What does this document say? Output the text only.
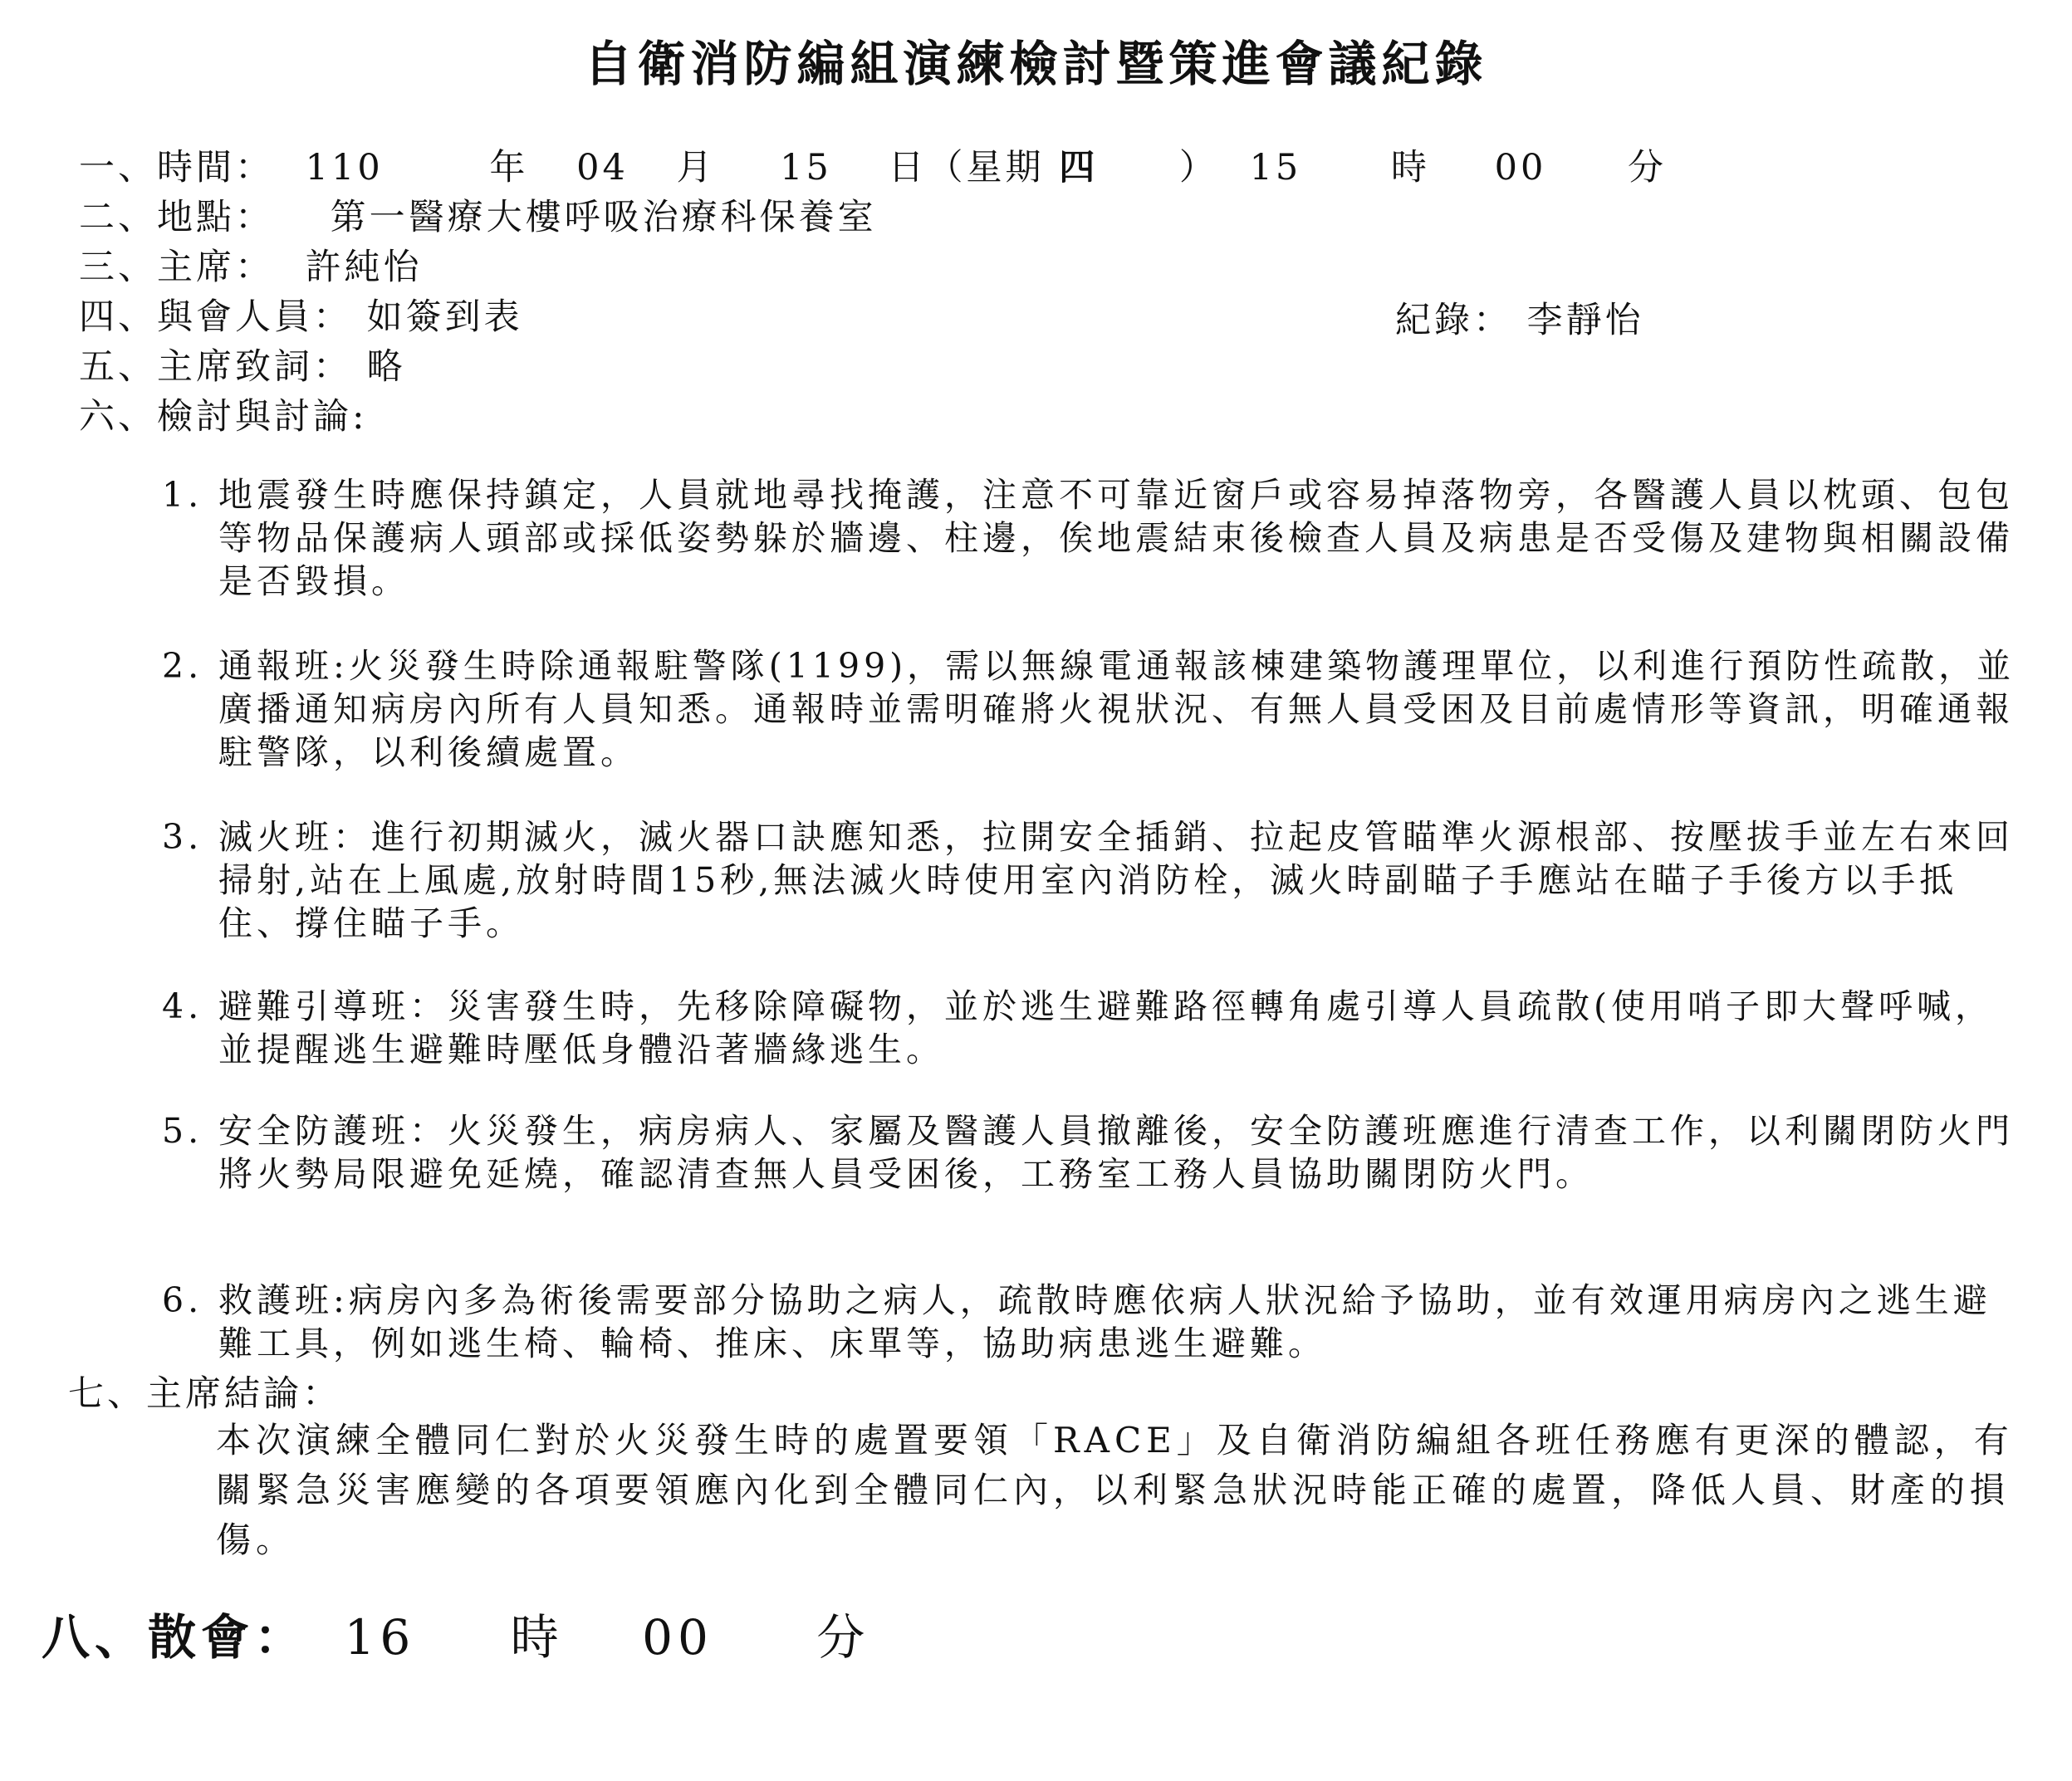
自衛消防編組演練檢討暨策進會議紀錄
一、時間： 110	年 04 月 15 日（星期 四 ） 15	時 00 分
二、地點： 第一醫療大樓呼吸治療科保養室
三、主席： 許純怡
四、與會人員： 如簽到表	紀錄： 李靜怡
五、主席致詞： 略
六、檢討與討論:
1. 地震發生時應保持鎮定，人員就地尋找掩護，注意不可靠近窗戶或容易掉落物旁，各醫護人員以枕頭、包包等物品保護病人頭部或採低姿勢躲於牆邊、柱邊，俟地震結束後檢查人員及病患是否受傷及建物與相關設備是否毀損。
2. 通報班:火災發生時除通報駐警隊(1199)，需以無線電通報該棟建築物護理單位，以利進行預防性疏散，並廣播通知病房內所有人員知悉。通報時並需明確將火視狀況、有無人員受困及目前處情形等資訊，明確通報駐警隊，以利後續處置。
3. 滅火班：進行初期滅火，滅火器口訣應知悉，拉開安全插銷、拉起皮管瞄準火源根部、按壓拔手並左右來回掃射,站在上風處,放射時間15秒,無法滅火時使用室內消防栓，滅火時副瞄子手應站在瞄子手後方以手抵住、撐住瞄子手。
4. 避難引導班：災害發生時，先移除障礙物，並於逃生避難路徑轉角處引導人員疏散(使用哨子即大聲呼喊，並提醒逃生避難時壓低身體沿著牆緣逃生。
5. 安全防護班：火災發生，病房病人、家屬及醫護人員撤離後，安全防護班應進行清查工作，以利關閉防火門將火勢局限避免延燒，確認清查無人員受困後，工務室工務人員協助關閉防火門。
6. 救護班:病房內多為術後需要部分協助之病人，疏散時應依病人狀況給予協助，並有效運用病房內之逃生避難工具，例如逃生椅、輪椅、推床、床單等，協助病患逃生避難。
七、主席結論：
本次演練全體同仁對於火災發生時的處置要領「RACE」及自衛消防編組各班任務應有更深的體認，有關緊急災害應變的各項要領應內化到全體同仁內，以利緊急狀況時能正確的處置，降低人員、財產的損傷。
八、散會： 16 時 00 分
